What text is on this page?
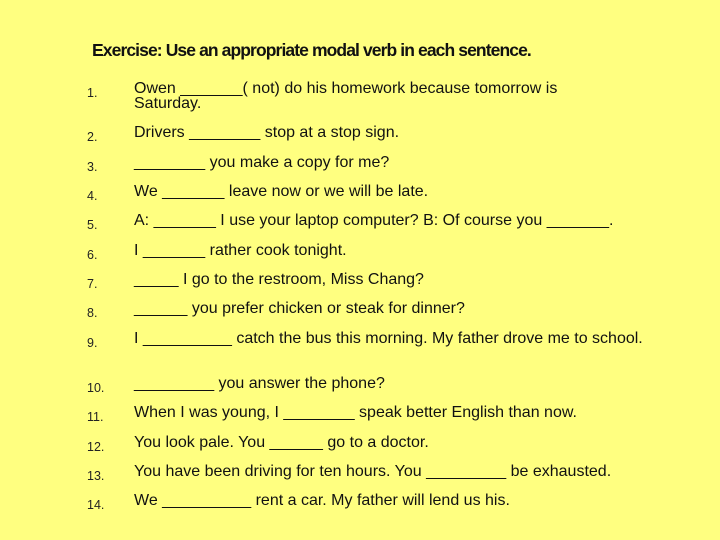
Exercise: Use an appropriate modal verb in each sentence.
1. Owen _______( not) do his homework because tomorrow is Saturday.
2. Drivers ________ stop at a stop sign.
3. ________ you make a copy for me?
4. We _______ leave now or we will be late.
5. A: _______ I use your laptop computer? B: Of course you _______.
6. I _______ rather cook tonight.
7. _____ I go to the restroom, Miss Chang?
8. ______ you prefer chicken or steak for dinner?
9. I __________ catch the bus this morning. My father drove me to school.
10. _________ you answer the phone?
11. When I was young, I ________ speak better English than now.
12. You look pale. You ______ go to a doctor.
13. You have been driving for ten hours. You _________ be exhausted.
14. We __________ rent a car. My father will lend us his.
